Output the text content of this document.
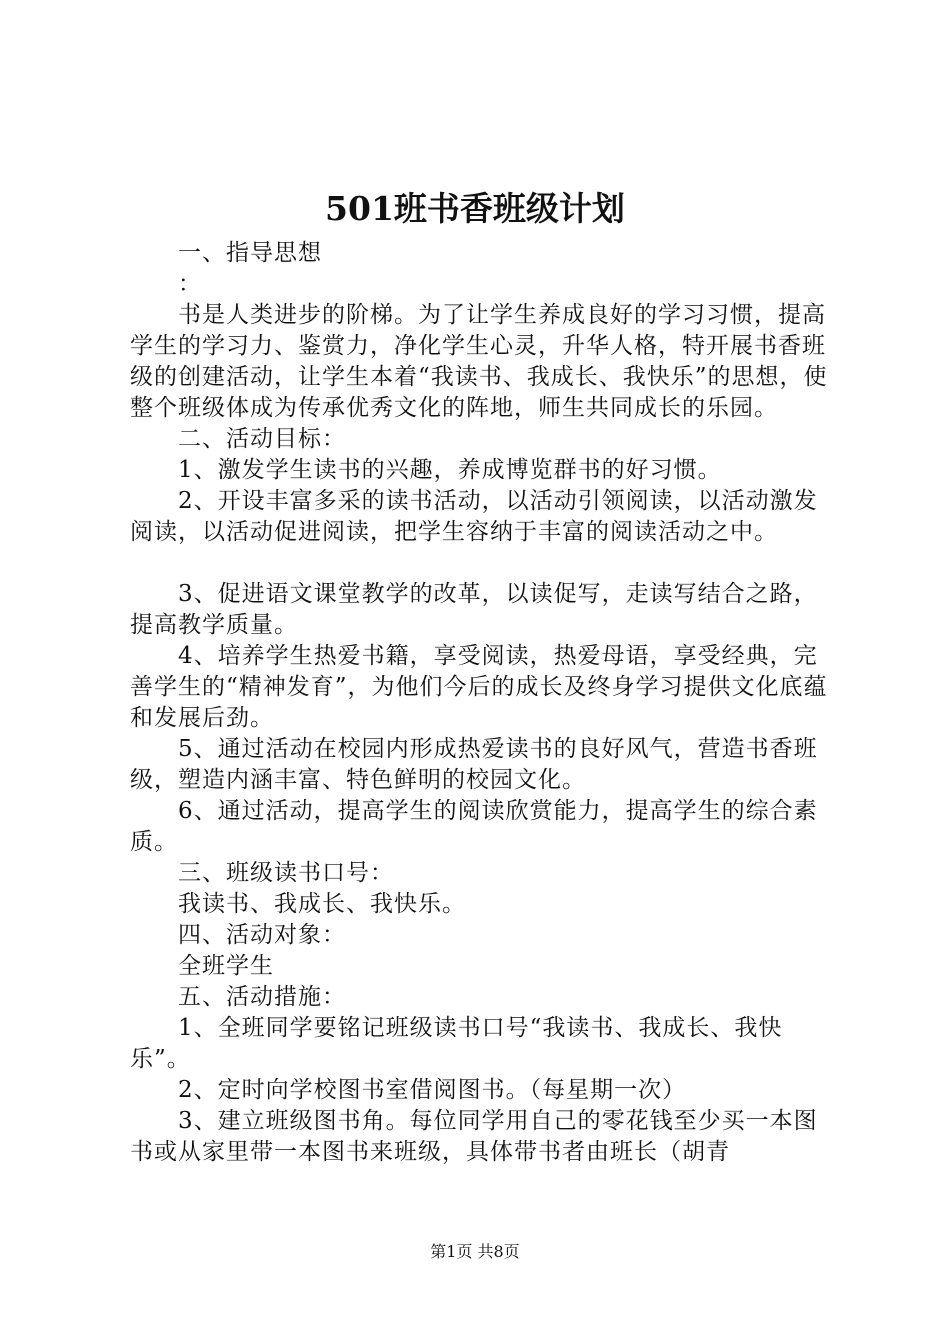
501班书香班级计划

一、指导思想

：

书是人类进步的阶梯。为了让学生养成良好的学习习惯，提高学生的学习力、鉴赏力，净化学生心灵，升华人格，特开展书香班级的创建活动，让学生本着“我读书、我成长、我快乐”的思想，使整个班级体成为传承优秀文化的阵地，师生共同成长的乐园。

二、活动目标：

1、激发学生读书的兴趣，养成博览群书的好习惯。

2、开设丰富多采的读书活动，以活动引领阅读，以活动激发阅读，以活动促进阅读，把学生容纳于丰富的阅读活动之中。

3、促进语文课堂教学的改革，以读促写，走读写结合之路，提高教学质量。

4、培养学生热爱书籍，享受阅读，热爱母语，享受经典，完善学生的“精神发育”，为他们今后的成长及终身学习提供文化底蕴和发展后劲。

5、通过活动在校园内形成热爱读书的良好风气，营造书香班级，塑造内涵丰富、特色鲜明的校园文化。

6、通过活动，提高学生的阅读欣赏能力，提高学生的综合素质。

三、班级读书口号：

我读书、我成长、我快乐。

四、活动对象：

全班学生

五、活动措施：

1、全班同学要铭记班级读书口号“我读书、我成长、我快乐”。

2、定时向学校图书室借阅图书。（每星期一次）

3、建立班级图书角。每位同学用自己的零花钱至少买一本图书或从家里带一本图书来班级，具体带书者由班长（胡青

第1页 共8页
